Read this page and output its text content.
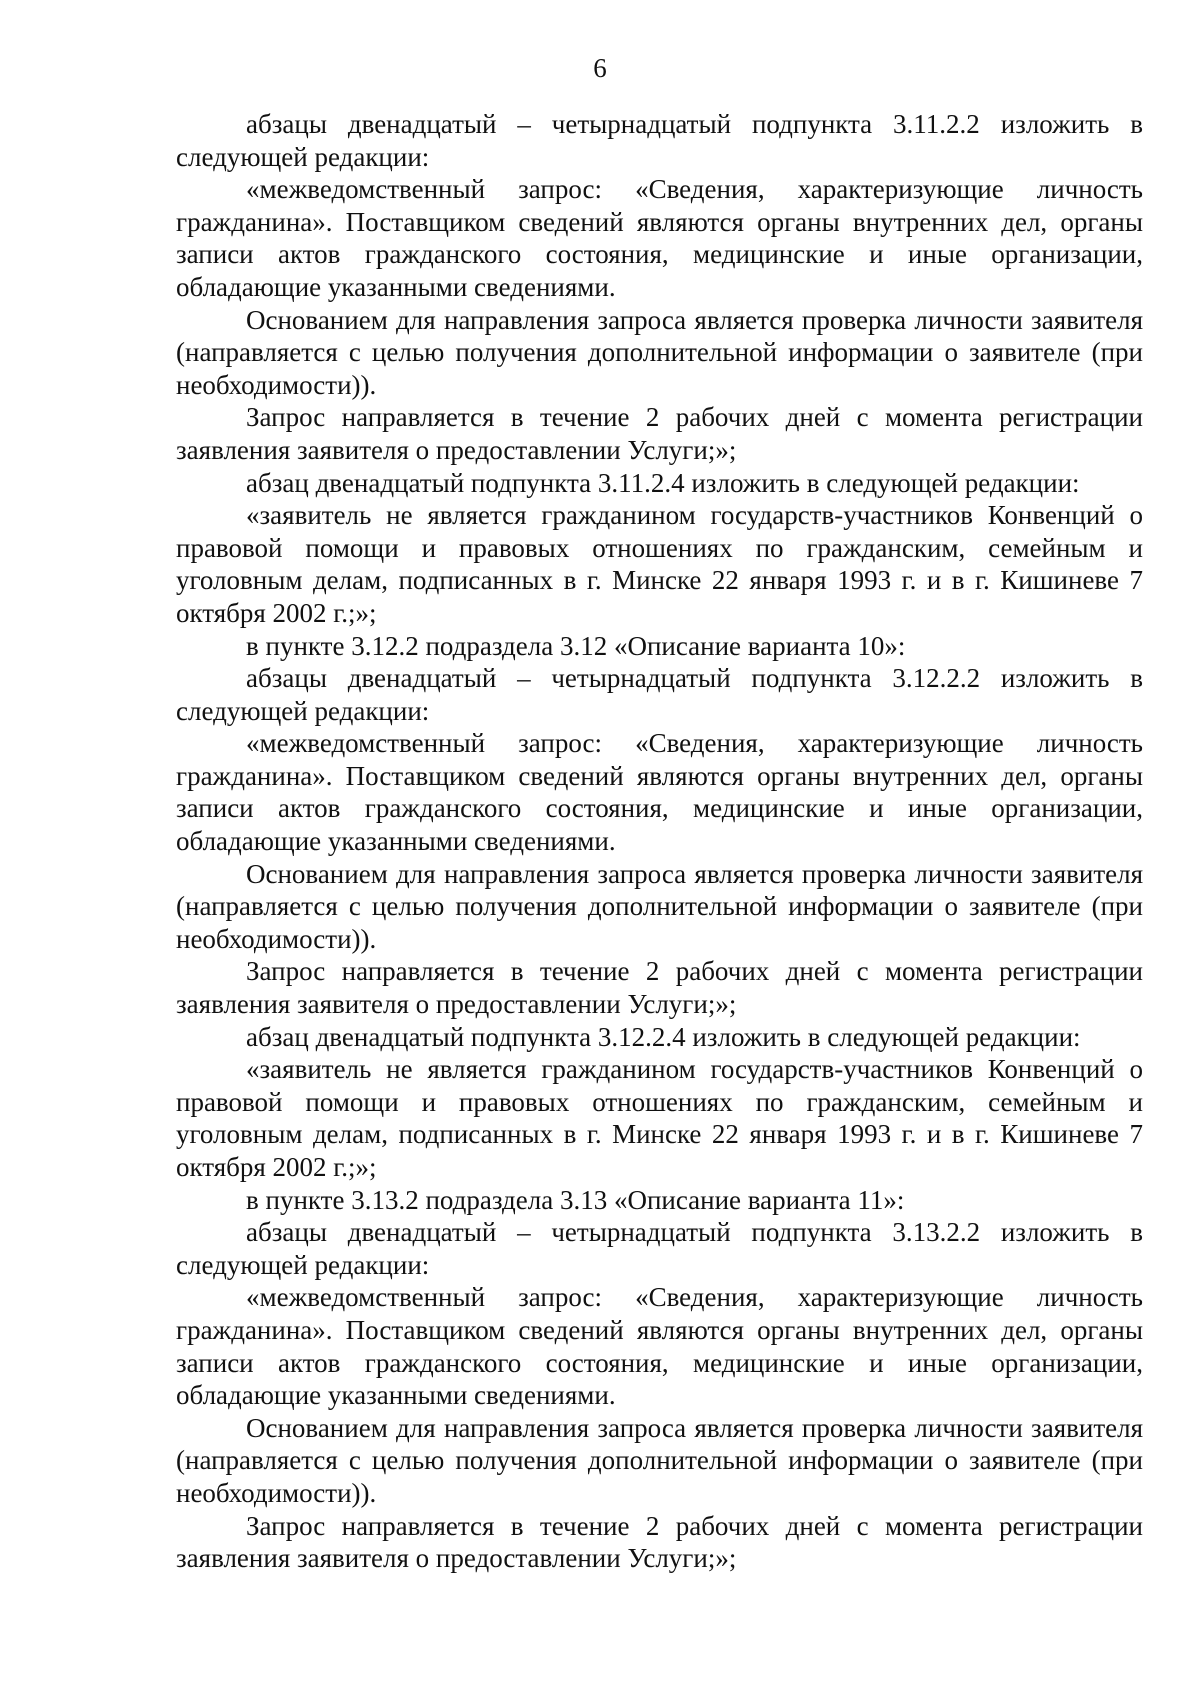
6

абзацы двенадцатый – четырнадцатый подпункта 3.11.2.2 изложить в следующей редакции:

«межведомственный запрос: «Сведения, характеризующие личность гражданина». Поставщиком сведений являются органы внутренних дел, органы записи актов гражданского состояния, медицинские и иные организации, обладающие указанными сведениями.

Основанием для направления запроса является проверка личности заявителя (направляется с целью получения дополнительной информации о заявителе (при необходимости)).

Запрос направляется в течение 2 рабочих дней с момента регистрации заявления заявителя о предоставлении Услуги;»;

абзац двенадцатый подпункта 3.11.2.4 изложить в следующей редакции:

«заявитель не является гражданином государств-участников Конвенций о правовой помощи и правовых отношениях по гражданским, семейным и уголовным делам, подписанных в г. Минске 22 января 1993 г. и в г. Кишиневе 7 октября 2002 г.;»;

в пункте 3.12.2 подраздела 3.12 «Описание варианта 10»:

абзацы двенадцатый – четырнадцатый подпункта 3.12.2.2 изложить в следующей редакции:

«межведомственный запрос: «Сведения, характеризующие личность гражданина». Поставщиком сведений являются органы внутренних дел, органы записи актов гражданского состояния, медицинские и иные организации, обладающие указанными сведениями.

Основанием для направления запроса является проверка личности заявителя (направляется с целью получения дополнительной информации о заявителе (при необходимости)).

Запрос направляется в течение 2 рабочих дней с момента регистрации заявления заявителя о предоставлении Услуги;»;

абзац двенадцатый подпункта 3.12.2.4 изложить в следующей редакции:

«заявитель не является гражданином государств-участников Конвенций о правовой помощи и правовых отношениях по гражданским, семейным и уголовным делам, подписанных в г. Минске 22 января 1993 г. и в г. Кишиневе 7 октября 2002 г.;»;

в пункте 3.13.2 подраздела 3.13 «Описание варианта 11»:

абзацы двенадцатый – четырнадцатый подпункта 3.13.2.2 изложить в следующей редакции:

«межведомственный запрос: «Сведения, характеризующие личность гражданина». Поставщиком сведений являются органы внутренних дел, органы записи актов гражданского состояния, медицинские и иные организации, обладающие указанными сведениями.

Основанием для направления запроса является проверка личности заявителя (направляется с целью получения дополнительной информации о заявителе (при необходимости)).

Запрос направляется в течение 2 рабочих дней с момента регистрации заявления заявителя о предоставлении Услуги;»;
